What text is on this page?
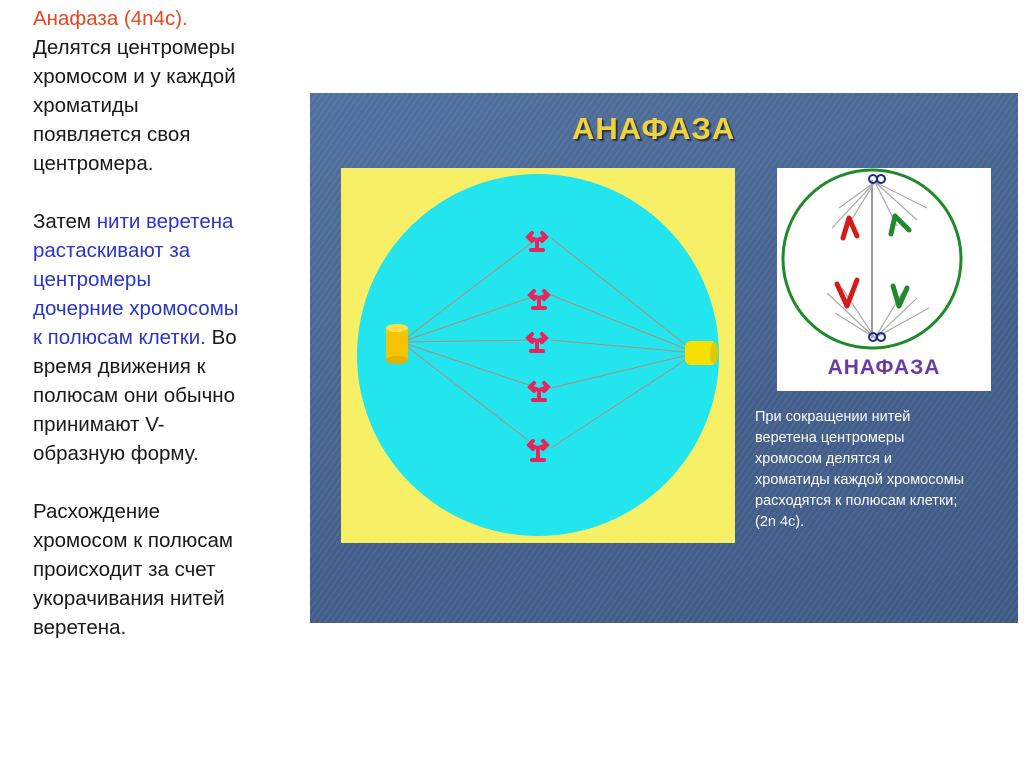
Анафаза (4n4c).
Делятся центромеры
хромосом и у каждой
хроматиды
появляется своя
центромера.

Затем нити веретена
растаскивают за
центромеры
дочерние хромосомы
к полюсам клетки. Во
время движения к
полюсам они обычно
принимают V-
образную форму.

Расхождение
хромосом к полюсам
происходит за счет
укорачивания нитей
веретена.

АНАФАЗА
АНАФАЗА

При сокращении нитей

веретена центромеры

хромосом делятся и

хроматиды каждой хромосомы

расходятся к полюсам клетки;

(2n 4c).
